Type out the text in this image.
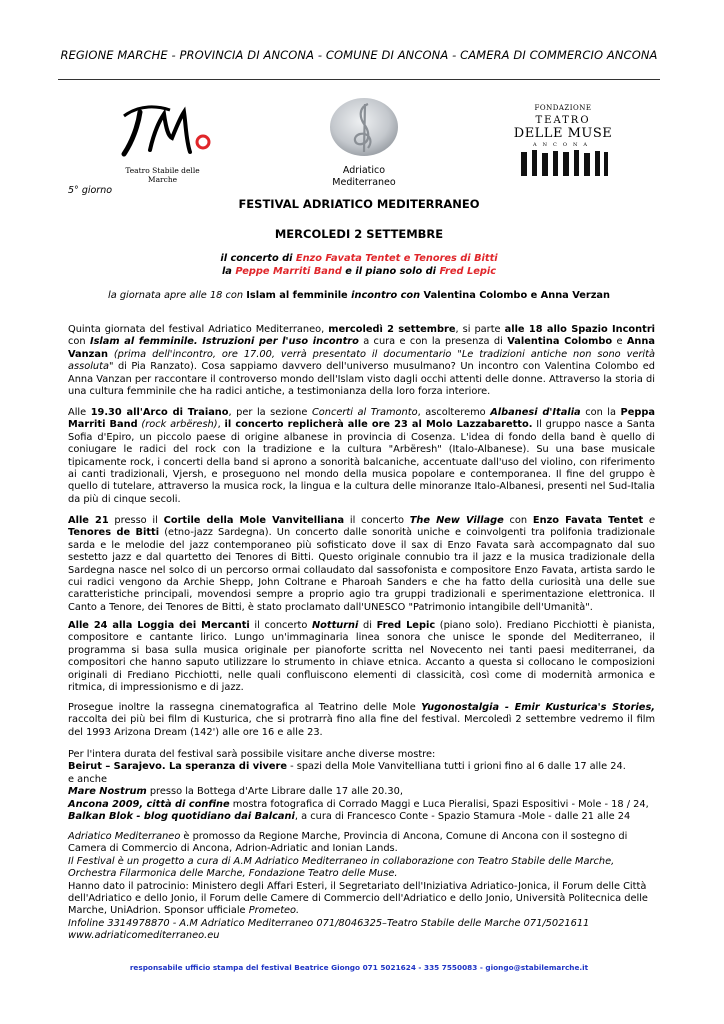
REGIONE MARCHE - PROVINCIA DI ANCONA - COMUNE DI ANCONA - CAMERA DI COMMERCIO ANCONA
Teatro Stabile delle Marche
Adriatico
Mediterraneo
FONDAZIONE
TEATRO
DELLE MUSE
ANCONA
5° giorno
FESTIVAL ADRIATICO MEDITERRANEO
MERCOLEDI 2 SETTEMBRE
il concerto di Enzo Favata Tentet e Tenores di Bitti
la Peppe Marriti Band e il piano solo di Fred Lepic
la giornata apre alle 18 con Islam al femminile incontro con Valentina Colombo e Anna Verzan

Quinta giornata del festival Adriatico Mediterraneo, mercoledì 2 settembre, si parte alle 18 allo Spazio Incontri con Islam al femminile. Istruzioni per l'uso incontro a cura e con la presenza di Valentina Colombo e Anna Vanzan (prima dell'incontro, ore 17.00, verrà presentato il documentario "Le tradizioni antiche non sono verità assoluta" di Pia Ranzato). Cosa sappiamo davvero dell'universo musulmano? Un incontro con Valentina Colombo ed Anna Vanzan per raccontare il controverso mondo dell'Islam visto dagli occhi attenti delle donne. Attraverso la storia di una cultura femminile che ha radici antiche, a testimonianza della loro forza interiore.

Alle 19.30 all'Arco di Traiano, per la sezione Concerti al Tramonto, ascolteremo Albanesi d'Italia con la Peppa Marriti Band (rock arbëresh), il concerto replicherà alle ore 23 al Molo Lazzabaretto. Il gruppo nasce a Santa Sofia d'Epiro, un piccolo paese di origine albanese in provincia di Cosenza. L'idea di fondo della band è quello di coniugare le radici del rock con la tradizione e la cultura "Arbëresh" (Italo-Albanese). Su una base musicale tipicamente rock, i concerti della band si aprono a sonorità balcaniche, accentuate dall'uso del violino, con riferimento ai canti tradizionali, Vjersh, e proseguono nel mondo della musica popolare e contemporanea. Il fine del gruppo è quello di tutelare, attraverso la musica rock, la lingua e la cultura delle minoranze Italo-Albanesi, presenti nel Sud-Italia da più di cinque secoli.

Alle 21 presso il Cortile della Mole Vanvitelliana il concerto The New Village con Enzo Favata Tentet e Tenores de Bitti (etno-jazz Sardegna). Un concerto dalle sonorità uniche e coinvolgenti tra polifonia tradizionale sarda e le melodie del jazz contemporaneo più sofisticato dove il sax di Enzo Favata sarà accompagnato dal suo sestetto jazz e dal quartetto dei Tenores di Bitti. Questo originale connubio tra il jazz e la musica tradizionale della Sardegna nasce nel solco di un percorso ormai collaudato dal sassofonista e compositore Enzo Favata, artista sardo le cui radici vengono da Archie Shepp, John Coltrane e Pharoah Sanders e che ha fatto della curiosità una delle sue caratteristiche principali, movendosi sempre a proprio agio tra gruppi tradizionali e sperimentazione elettronica. Il Canto a Tenore, dei Tenores de Bitti, è stato proclamato dall'UNESCO "Patrimonio intangibile dell'Umanità".

Alle 24 alla Loggia dei Mercanti il concerto Notturni di Fred Lepic (piano solo). Frediano Picchiotti è pianista, compositore e cantante lirico. Lungo un'immaginaria linea sonora che unisce le sponde del Mediterraneo, il programma si basa sulla musica originale per pianoforte scritta nel Novecento nei tanti paesi mediterranei, da compositori che hanno saputo utilizzare lo strumento in chiave etnica. Accanto a questa si collocano le composizioni originali di Frediano Picchiotti, nelle quali confluiscono elementi di classicità, così come di modernità armonica e ritmica, di impressionismo e di jazz.

Prosegue inoltre la rassegna cinematografica al Teatrino delle Mole Yugonostalgia - Emir Kusturica's Stories, raccolta dei più bei film di Kusturica, che si protrarrà fino alla fine del festival. Mercoledì 2 settembre vedremo il film del 1993 Arizona Dream (142') alle ore 16 e alle 23.

Per l'intera durata del festival sarà possibile visitare anche diverse mostre:
Beirut – Sarajevo. La speranza di vivere - spazi della Mole Vanvitelliana tutti i grioni fino al 6 dalle 17 alle 24.
e anche
Mare Nostrum presso la Bottega d'Arte Librare dalle 17 alle 20.30,
Ancona 2009, città di confine mostra fotografica di Corrado Maggi e Luca Pieralisi, Spazi Espositivi - Mole - 18 / 24,
Balkan Blok - blog quotidiano dai Balcani, a cura di Francesco Conte - Spazio Stamura -Mole - dalle 21 alle 24
Adriatico Mediterraneo è promosso da Regione Marche, Provincia di Ancona, Comune di Ancona con il sostegno di Camera di Commercio di Ancona, Adrion-Adriatic and Ionian Lands.
Il Festival è un progetto a cura di A.M Adriatico Mediterraneo in collaborazione con Teatro Stabile delle Marche, Orchestra Filarmonica delle Marche, Fondazione Teatro delle Muse.
Hanno dato il patrocinio: Ministero degli Affari Esteri, il Segretariato dell'Iniziativa Adriatico-Jonica, il Forum delle Città dell'Adriatico e dello Jonio, il Forum delle Camere di Commercio dell'Adriatico e dello Jonio, Università Politecnica delle Marche, UniAdrion. Sponsor ufficiale Prometeo.
Infoline 3314978870 - A.M Adriatico Mediterraneo 071/8046325–Teatro Stabile delle Marche 071/5021611
www.adriaticomediterraneo.eu
responsabile ufficio stampa del festival Beatrice Giongo 071 5021624 - 335 7550083 - giongo@stabilemarche.it
